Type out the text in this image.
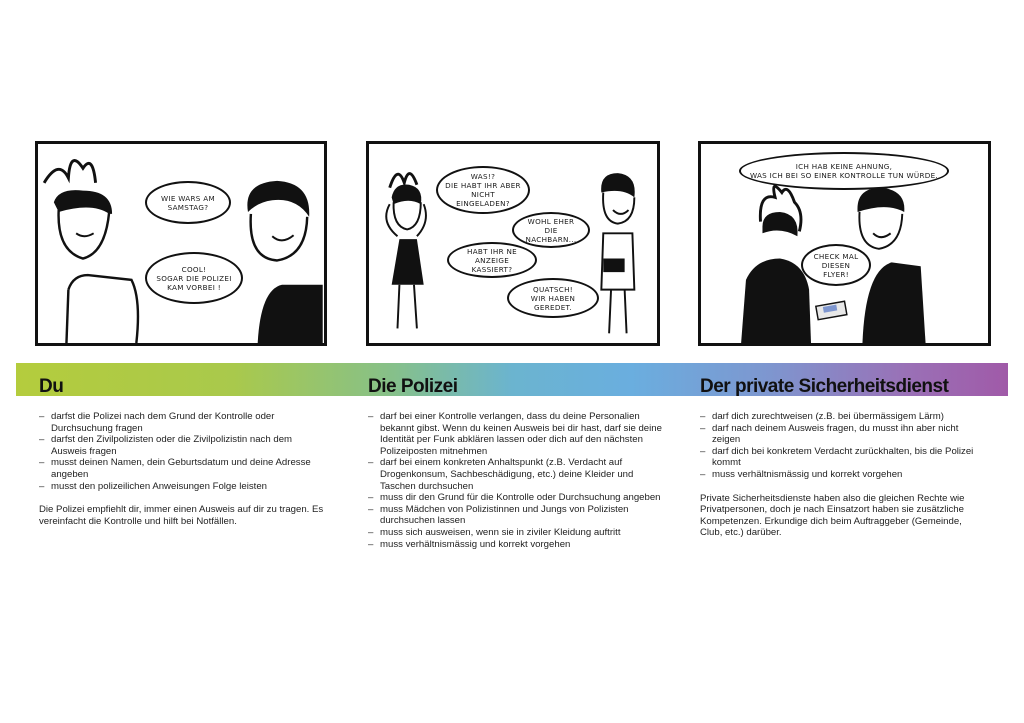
WIE WARS AM
SAMSTAG?
COOL!
SOGAR DIE POLIZEI
KAM VORBEI !
WAS!?
DIE HABT IHR ABER
NICHT EINGELADEN?
WOHL EHER
DIE NACHBARN...
HABT IHR NE
ANZEIGE KASSIERT?
QUATSCH!
WIR HABEN GEREDET.
ICH HAB KEINE AHNUNG,
WAS ICH BEI SO EINER KONTROLLE TUN WÜRDE.
CHECK MAL
DIESEN FLYER!
Du	Die Polizei	Der private Sicherheitsdienst
– darfst die Polizei nach dem Grund der Kontrolle oder Durchsuchung fragen
– darfst den Zivilpolizisten oder die Zivilpolizistin nach dem Ausweis fragen
– musst deinen Namen, dein Geburtsdatum und deine Adresse angeben
– musst den polizeilichen Anweisungen Folge leisten

Die Polizei empfiehlt dir, immer einen Ausweis auf dir zu tragen. Es vereinfacht die Kontrolle und hilft bei Notfällen.

– darf bei einer Kontrolle verlangen, dass du deine Personalien bekannt gibst. Wenn du keinen Ausweis bei dir hast, darf sie deine Identität per Funk abklären lassen oder dich auf den nächsten Polizeiposten mitnehmen
– darf bei einem konkreten Anhaltspunkt (z.B. Verdacht auf Drogenkonsum, Sachbeschädigung, etc.) deine Kleider und Taschen durchsuchen
– muss dir den Grund für die Kontrolle oder Durchsuchung angeben
– muss Mädchen von Polizistinnen und Jungs von Polizisten durchsuchen lassen
– muss sich ausweisen, wenn sie in ziviler Kleidung auftritt
– muss verhältnismässig und korrekt vorgehen
– darf dich zurechtweisen (z.B. bei übermässigem Lärm)
– darf nach deinem Ausweis fragen, du musst ihn aber nicht zeigen
– darf dich bei konkretem Verdacht zurückhalten, bis die Polizei kommt
– muss verhältnismässig und korrekt vorgehen

Private Sicherheitsdienste haben also die gleichen Rechte wie Privatpersonen, doch je nach Einsatzort haben sie zusätzliche Kompetenzen. Erkundige dich beim Auftraggeber (Gemeinde, Club, etc.) darüber.
